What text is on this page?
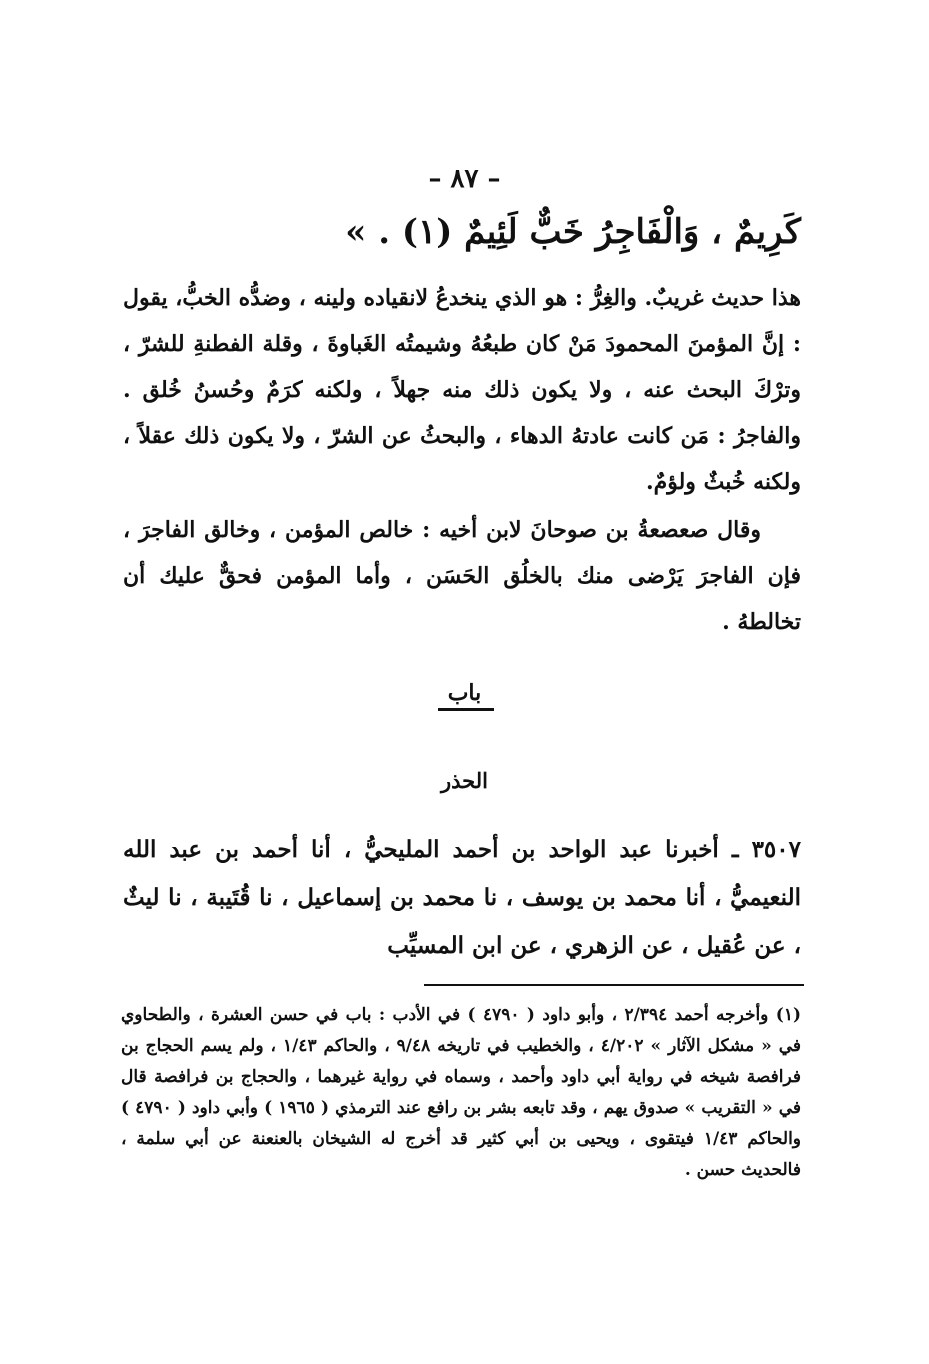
– ٨٧ –
كَرِيمٌ ، وَالْفَاجِرُ خَبٌّ لَئِيمٌ (١) . »
هذا حديث غريبٌ. والغِرُّ : هو الذي ينخدعُ لانقياده ولينه ، وضدُّه الخبُّ، يقول : إنَّ المؤمنَ المحمودَ مَنْ كان طبعُهُ وشيمتُه الغَباوةَ ، وقلة الفطنةِ للشرّ ، وترْكَ البحث عنه ، ولا يكون ذلك منه جهلاً ، ولكنه كرَمٌ وحُسنُ خُلق . والفاجرُ : مَن كانت عادتهُ الدهاء ، والبحثُ عن الشرّ ، ولا يكون ذلك عقلاً ، ولكنه خُبثٌ ولؤمٌ.
وقال صعصعةُ بن صوحانَ لابن أخيه : خالص المؤمن ، وخالق الفاجرَ ، فإن الفاجرَ يَرْضى منك بالخلُق الحَسَن ، وأما المؤمن فحقٌّ عليك أن تخالطهُ .
باب
الحذر
٣٥٠٧ ـ أخبرنا عبد الواحد بن أحمد المليحيُّ ، أنا أحمد بن عبد الله النعيميُّ ، أنا محمد بن يوسف ، نا محمد بن إسماعيل ، نا قُتَيبة ، نا ليثٌ ، عن عُقيل ، عن الزهري ، عن ابن المسيِّب
(١) وأخرجه أحمد ٢/٣٩٤ ، وأبو داود ( ٤٧٩٠ ) في الأدب : باب في حسن العشرة ، والطحاوي في « مشكل الآثار » ٤/٢٠٢ ، والخطيب في تاريخه ٩/٤٨ ، والحاكم ١/٤٣ ، ولم يسم الحجاج بن فرافصة شيخه في رواية أبي داود وأحمد ، وسماه في رواية غيرهما ، والحجاج بن فرافصة قال في « التقريب » صدوق يهم ، وقد تابعه بشر بن رافع عند الترمذي ( ١٩٦٥ ) وأبي داود ( ٤٧٩٠ ) والحاكم ١/٤٣ فيتقوى ، ويحيى بن أبي كثير قد أخرج له الشيخان بالعنعنة عن أبي سلمة ، فالحديث حسن .
